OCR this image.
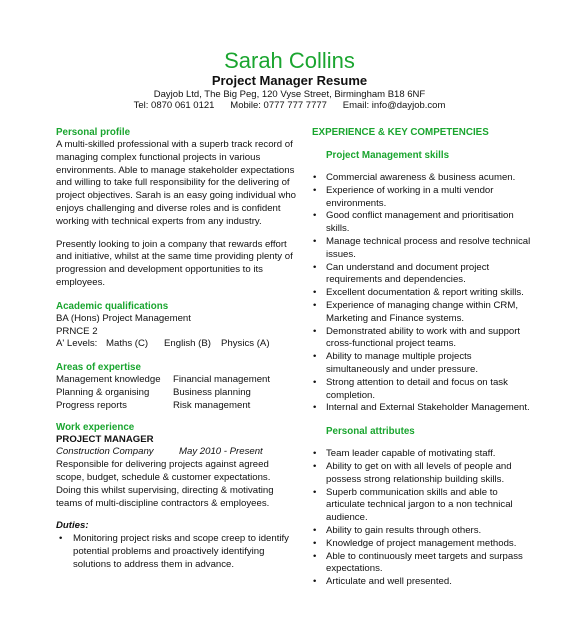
Sarah Collins
Project Manager Resume
Dayjob Ltd, The Big Peg, 120 Vyse Street, Birmingham B18 6NF
Tel: 0870 061 0121      Mobile: 0777 777 7777      Email: info@dayjob.com
Personal profile

A multi-skilled professional with a superb track record of managing complex functional projects in various environments. Able to manage stakeholder expectations and willing to take full responsibility for the delivering of project objectives. Sarah is an easy going individual who enjoys challenging and diverse roles and is confident working with technical experts from any industry.

Presently looking to join a company that rewards effort and initiative, whilst at the same time providing plenty of progression and development opportunities to its employees.

Academic qualifications
BA (Hons) Project Management
PRNCE 2
A' Levels: Maths (C)	English (B)	Physics (A)
Areas of expertise
Management knowledge	Financial management
Planning & organising	Business planning
Progress reports	Risk management
Work experience
PROJECT MANAGER
Construction Company	May 2010 - Present

Responsible for delivering projects against agreed scope, budget, schedule & customer expectations. Doing this whilst supervising, directing & motivating teams of multi-discipline contractors & employees.

Duties:
• Monitoring project risks and scope creep to identify potential problems and proactively identifying solutions to address them in advance.
EXPERIENCE & KEY COMPETENCIES
Project Management skills
• Commercial awareness & business acumen.
• Experience of working in a multi vendor environments.
• Good conflict management and prioritisation skills.
• Manage technical process and resolve technical issues.
• Can understand and document project requirements and dependencies.
• Excellent documentation & report writing skills.
• Experience of managing change within CRM, Marketing and Finance systems.
• Demonstrated ability to work with and support cross-functional project teams.
• Ability to manage multiple projects simultaneously and under pressure.
• Strong attention to detail and focus on task completion.
• Internal and External Stakeholder Management.
Personal attributes
• Team leader capable of motivating staff.
• Ability to get on with all levels of people and possess strong relationship building skills.
• Superb communication skills and able to articulate technical jargon to a non technical audience.
• Ability to gain results through others.
• Knowledge of project management methods.
• Able to continuously meet targets and surpass expectations.
• Articulate and well presented.
